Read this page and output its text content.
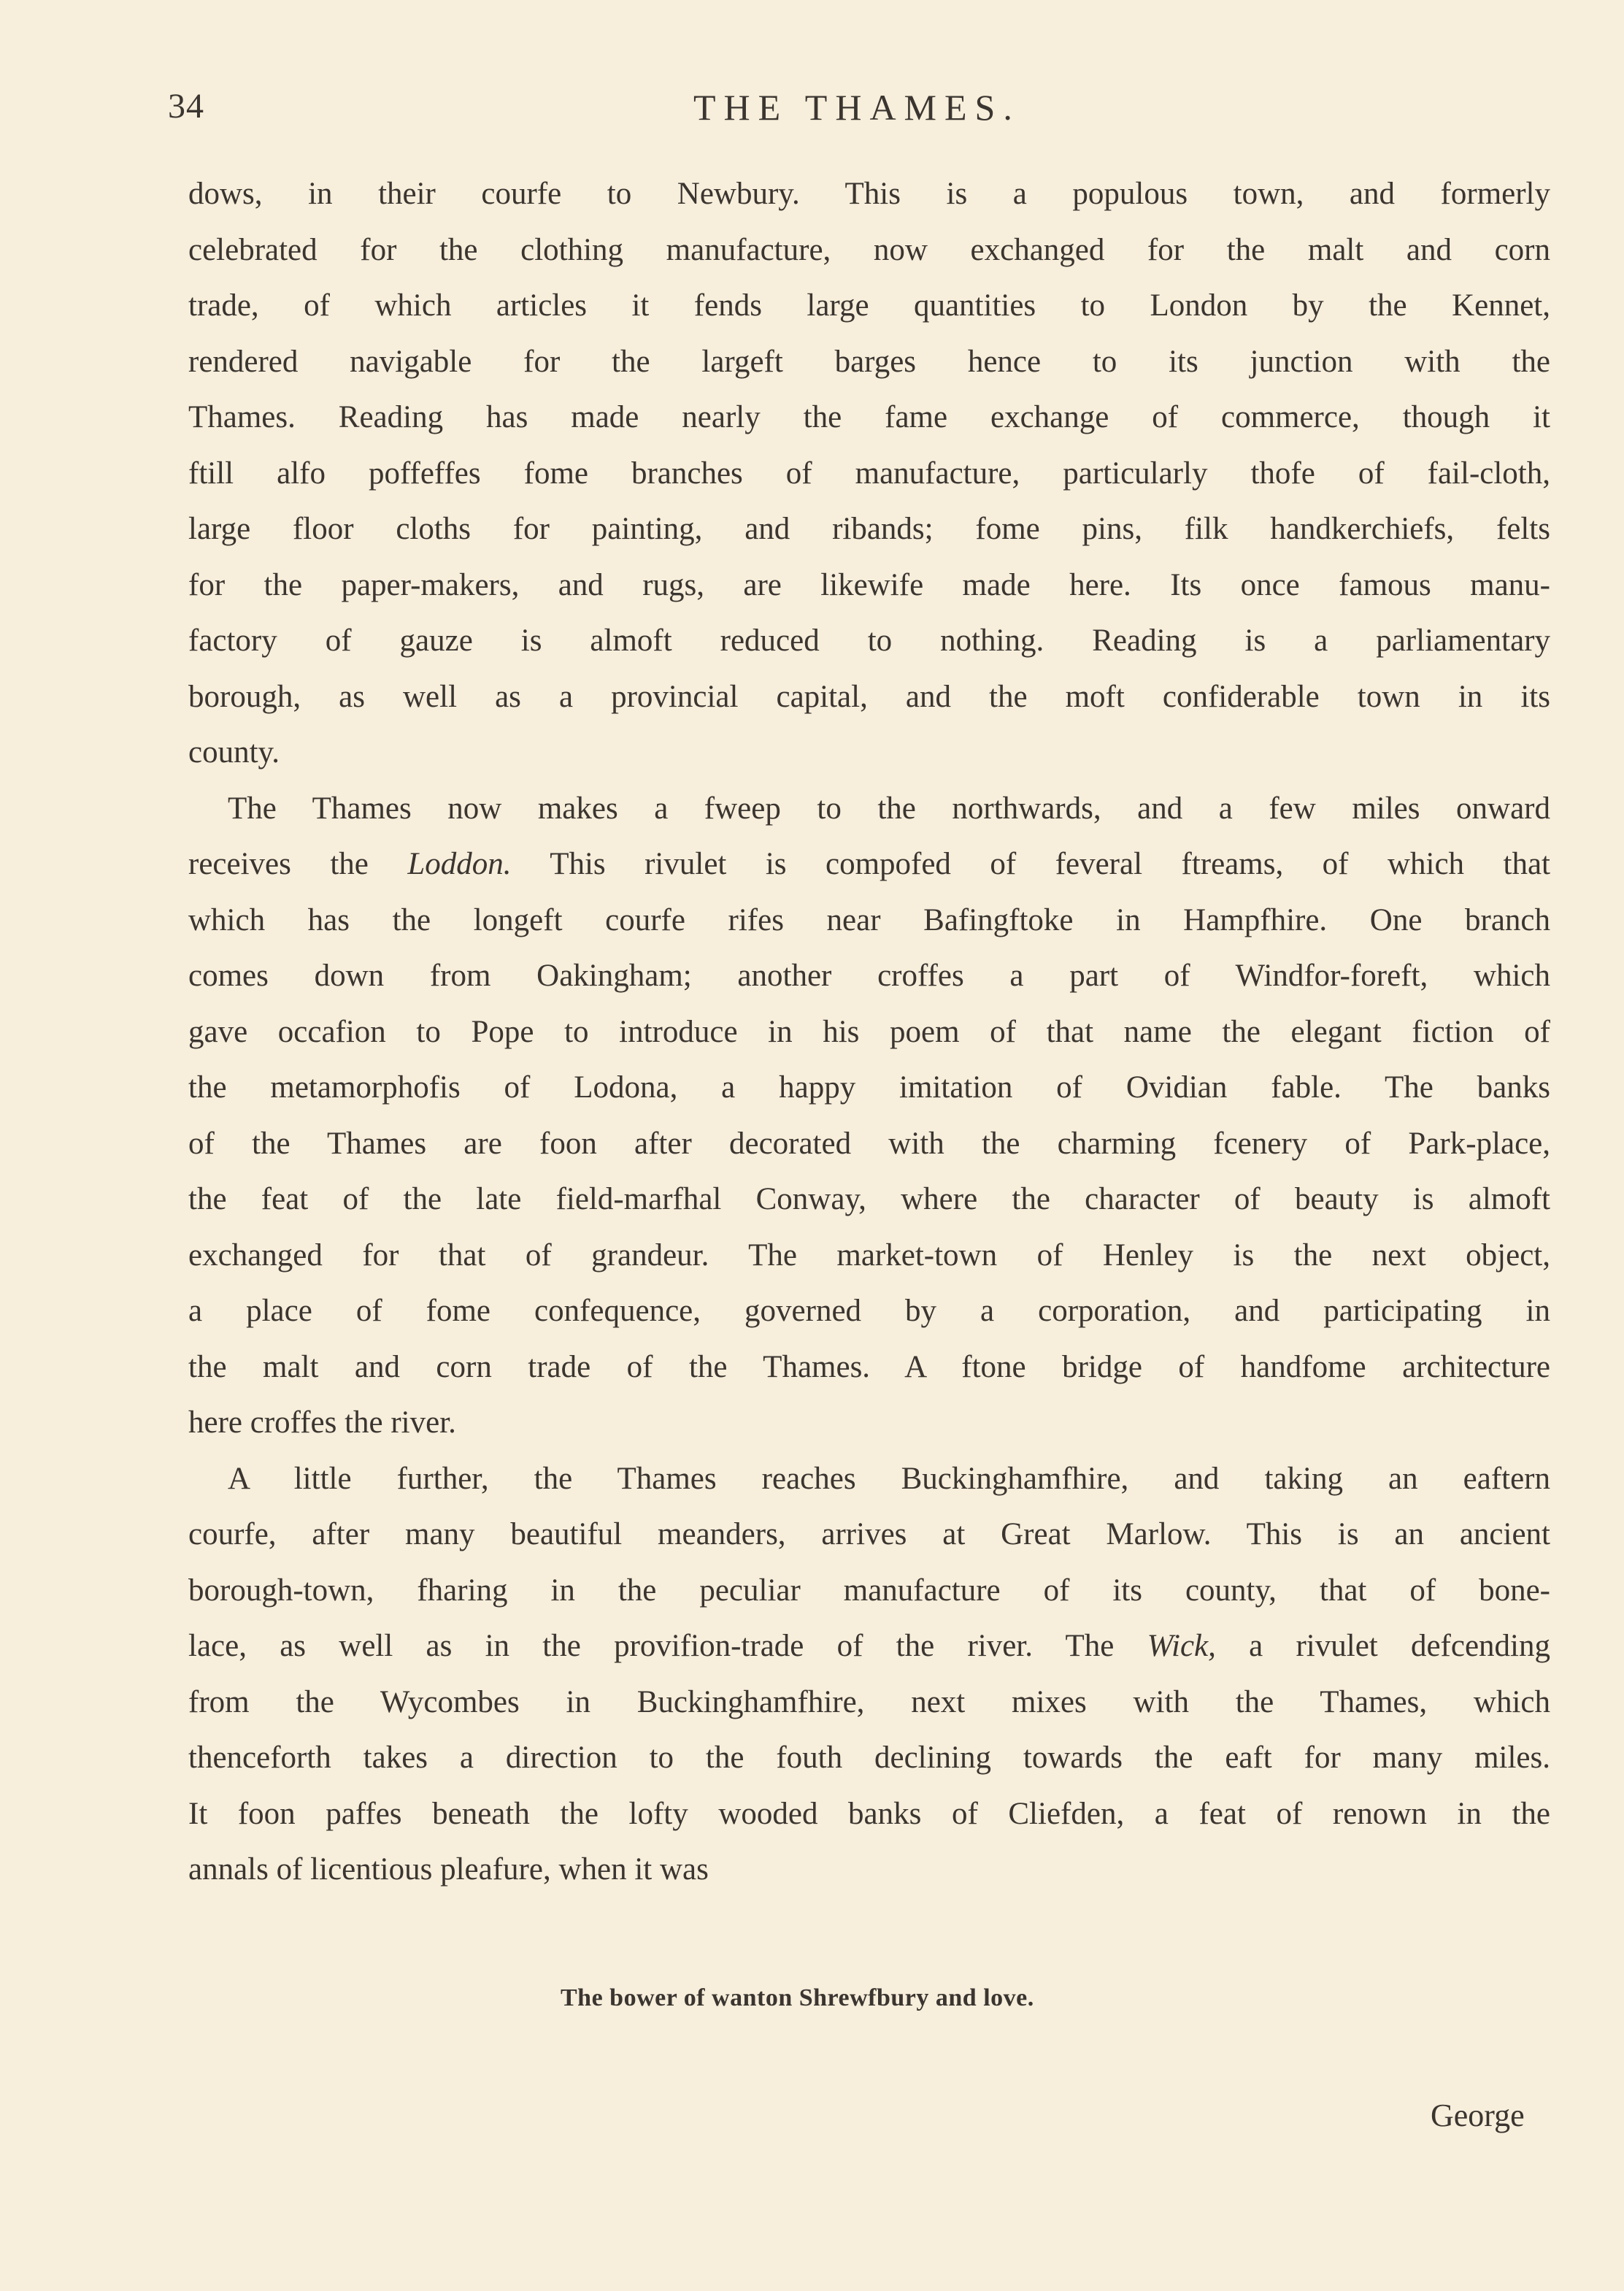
34	THE THAMES.
dows, in their courfe to Newbury. This is a populous town, and formerly
celebrated for the clothing manufacture, now exchanged for the malt and corn
trade, of which articles it fends large quantities to London by the Kennet,
rendered navigable for the largeft barges hence to its junction with the
Thames. Reading has made nearly the fame exchange of commerce, though it
ftill alfo poffeffes fome branches of manufacture, particularly thofe of fail-cloth,
large floor cloths for painting, and ribands; fome pins, filk handkerchiefs, felts
for the paper-makers, and rugs, are likewife made here. Its once famous manu-
factory of gauze is almoft reduced to nothing. Reading is a parliamentary
borough, as well as a provincial capital, and the moft confiderable town in its
county.
The Thames now makes a fweep to the northwards, and a few miles onward
receives the Loddon. This rivulet is compofed of feveral ftreams, of which that
which has the longeft courfe rifes near Bafingftoke in Hampfhire. One branch
comes down from Oakingham; another croffes a part of Windfor-foreft, which
gave occafion to Pope to introduce in his poem of that name the elegant fiction of
the metamorphofis of Lodona, a happy imitation of Ovidian fable. The banks
of the Thames are foon after decorated with the charming fcenery of Park-place,
the feat of the late field-marfhal Conway, where the character of beauty is almoft
exchanged for that of grandeur. The market-town of Henley is the next object,
a place of fome confequence, governed by a corporation, and participating in
the malt and corn trade of the Thames. A ftone bridge of handfome architecture
here croffes the river.
A little further, the Thames reaches Buckinghamfhire, and taking an eaftern
courfe, after many beautiful meanders, arrives at Great Marlow. This is an ancient
borough-town, fharing in the peculiar manufacture of its county, that of bone-
lace, as well as in the provifion-trade of the river. The Wick, a rivulet defcending
from the Wycombes in Buckinghamfhire, next mixes with the Thames, which
thenceforth takes a direction to the fouth declining towards the eaft for many miles.
It foon paffes beneath the lofty wooded banks of Cliefden, a feat of renown in the
annals of licentious pleafure, when it was
The bower of wanton Shrewfbury and love.
George
